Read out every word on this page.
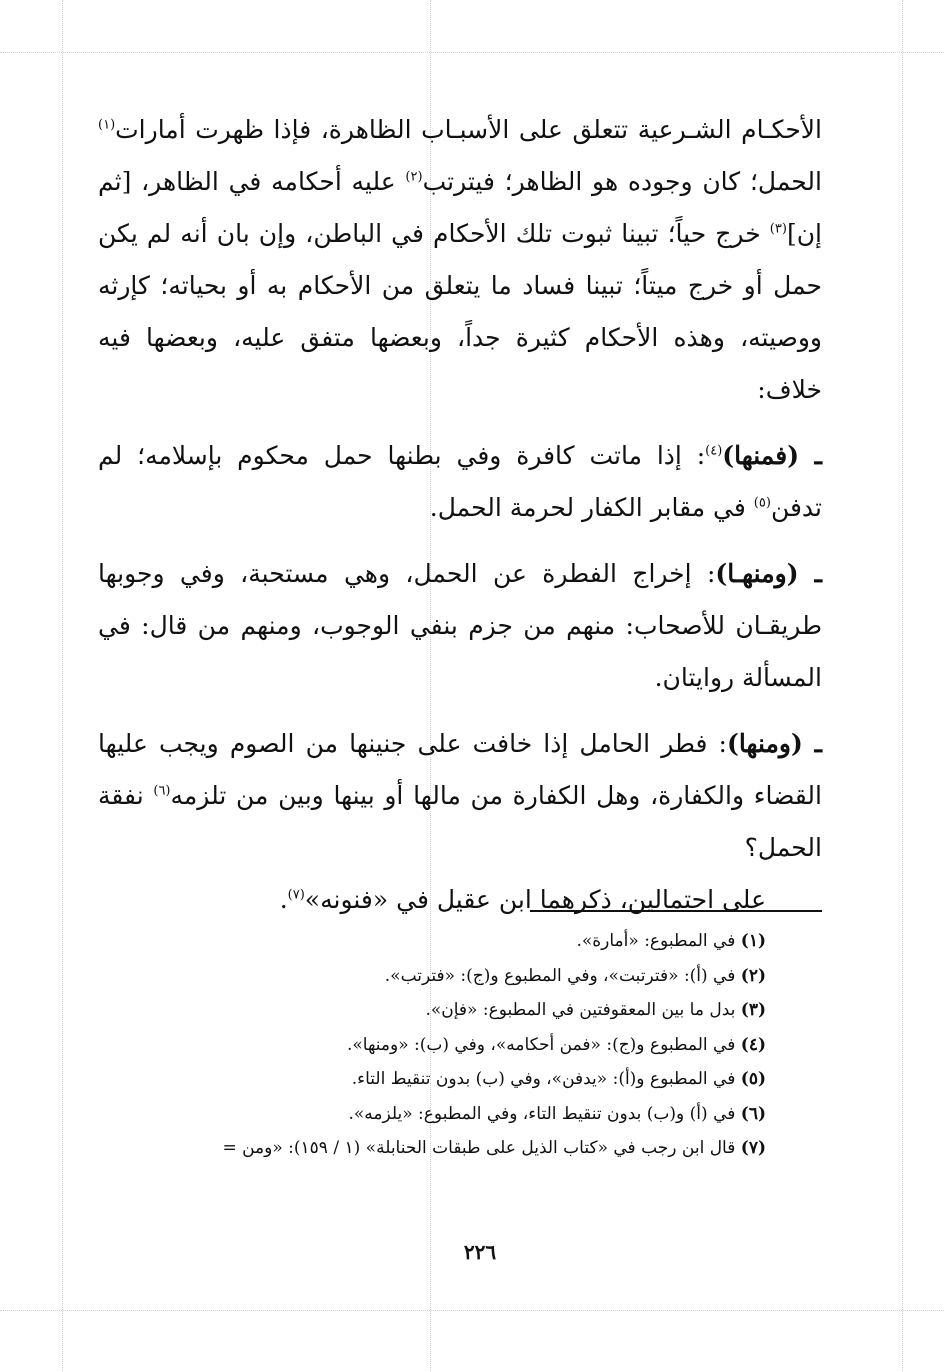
الأحكـام الشـرعية تتعلق على الأسبـاب الظاهرة، فإذا ظهرت أمارات$^{(١)}$ الحمل؛ كان وجوده هو الظاهر؛ فيترتب$^{(٢)}$ عليه أحكامه في الظاهر، [ثم إن]$^{(٣)}$ خرج حياً؛ تبينا ثبوت تلك الأحكام في الباطن، وإن بان أنه لم يكن حمل أو خرج ميتاً؛ تبينا فساد ما يتعلق من الأحكام به أو بحياته؛ كإرثه ووصيته، وهذه الأحكام كثيرة جداً، وبعضها متفق عليه، وبعضها فيه خلاف:

ـ (فمنها)$^{(٤)}$: إذا ماتت كافرة وفي بطنها حمل محكوم بإسلامه؛ لم تدفن$^{(٥)}$ في مقابر الكفار لحرمة الحمل.

ـ (ومنهـا): إخراج الفطرة عن الحمل، وهي مستحبة، وفي وجوبها طريقـان للأصحاب: منهم من جزم بنفي الوجوب، ومنهم من قال: في المسألة روايتان.

ـ (ومنها): فطر الحامل إذا خافت على جنينها من الصوم ويجب عليها القضاء والكفارة، وهل الكفارة من مالها أو بينها وبين من تلزمه$^{(٦)}$ نفقة الحمل؟

على احتمالين، ذكرهما ابن عقيل في «فنونه»$^{(٧)}$.

(١) في المطبوع: «أمارة».

(٢) في (أ): «فترتبت»، وفي المطبوع و(ج): «فترتب».

(٣) بدل ما بين المعقوفتين في المطبوع: «فإن».

(٤) في المطبوع و(ج): «فمن أحكامه»، وفي (ب): «ومنها».

(٥) في المطبوع و(أ): «يدفن»، وفي (ب) بدون تنقيط التاء.

(٦) في (أ) و(ب) بدون تنقيط التاء، وفي المطبوع: «يلزمه».

(٧) قال ابن رجب في «كتاب الذيل على طبقات الحنابلة» (١ / ١٥٩): «ومن =

٢٢٦
